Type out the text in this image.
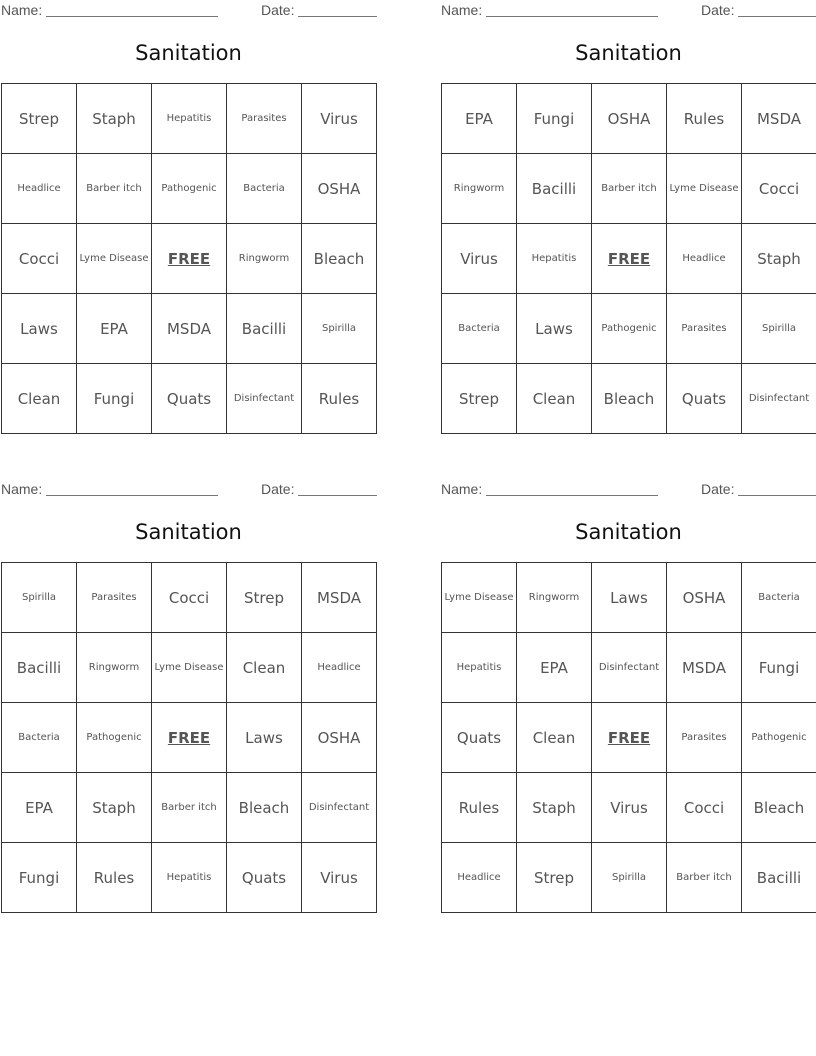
Name:	Date:
Sanitation
Strep	Staph	Hepatitis	Parasites	Virus
Headlice	Barber itch	Pathogenic	Bacteria	OSHA
Cocci	Lyme Disease	FREE	Ringworm	Bleach
Laws	EPA	MSDA	Bacilli	Spirilla
Clean	Fungi	Quats	Disinfectant	Rules
Name:	Date:
Sanitation
EPA	Fungi	OSHA	Rules	MSDA
Ringworm	Bacilli	Barber itch	Lyme Disease	Cocci
Virus	Hepatitis	FREE	Headlice	Staph
Bacteria	Laws	Pathogenic	Parasites	Spirilla
Strep	Clean	Bleach	Quats	Disinfectant
Name:	Date:
Sanitation
Spirilla	Parasites	Cocci	Strep	MSDA
Bacilli	Ringworm	Lyme Disease	Clean	Headlice
Bacteria	Pathogenic	FREE	Laws	OSHA
EPA	Staph	Barber itch	Bleach	Disinfectant
Fungi	Rules	Hepatitis	Quats	Virus
Name:	Date:
Sanitation
Lyme Disease	Ringworm	Laws	OSHA	Bacteria
Hepatitis	EPA	Disinfectant	MSDA	Fungi
Quats	Clean	FREE	Parasites	Pathogenic
Rules	Staph	Virus	Cocci	Bleach
Headlice	Strep	Spirilla	Barber itch	Bacilli
